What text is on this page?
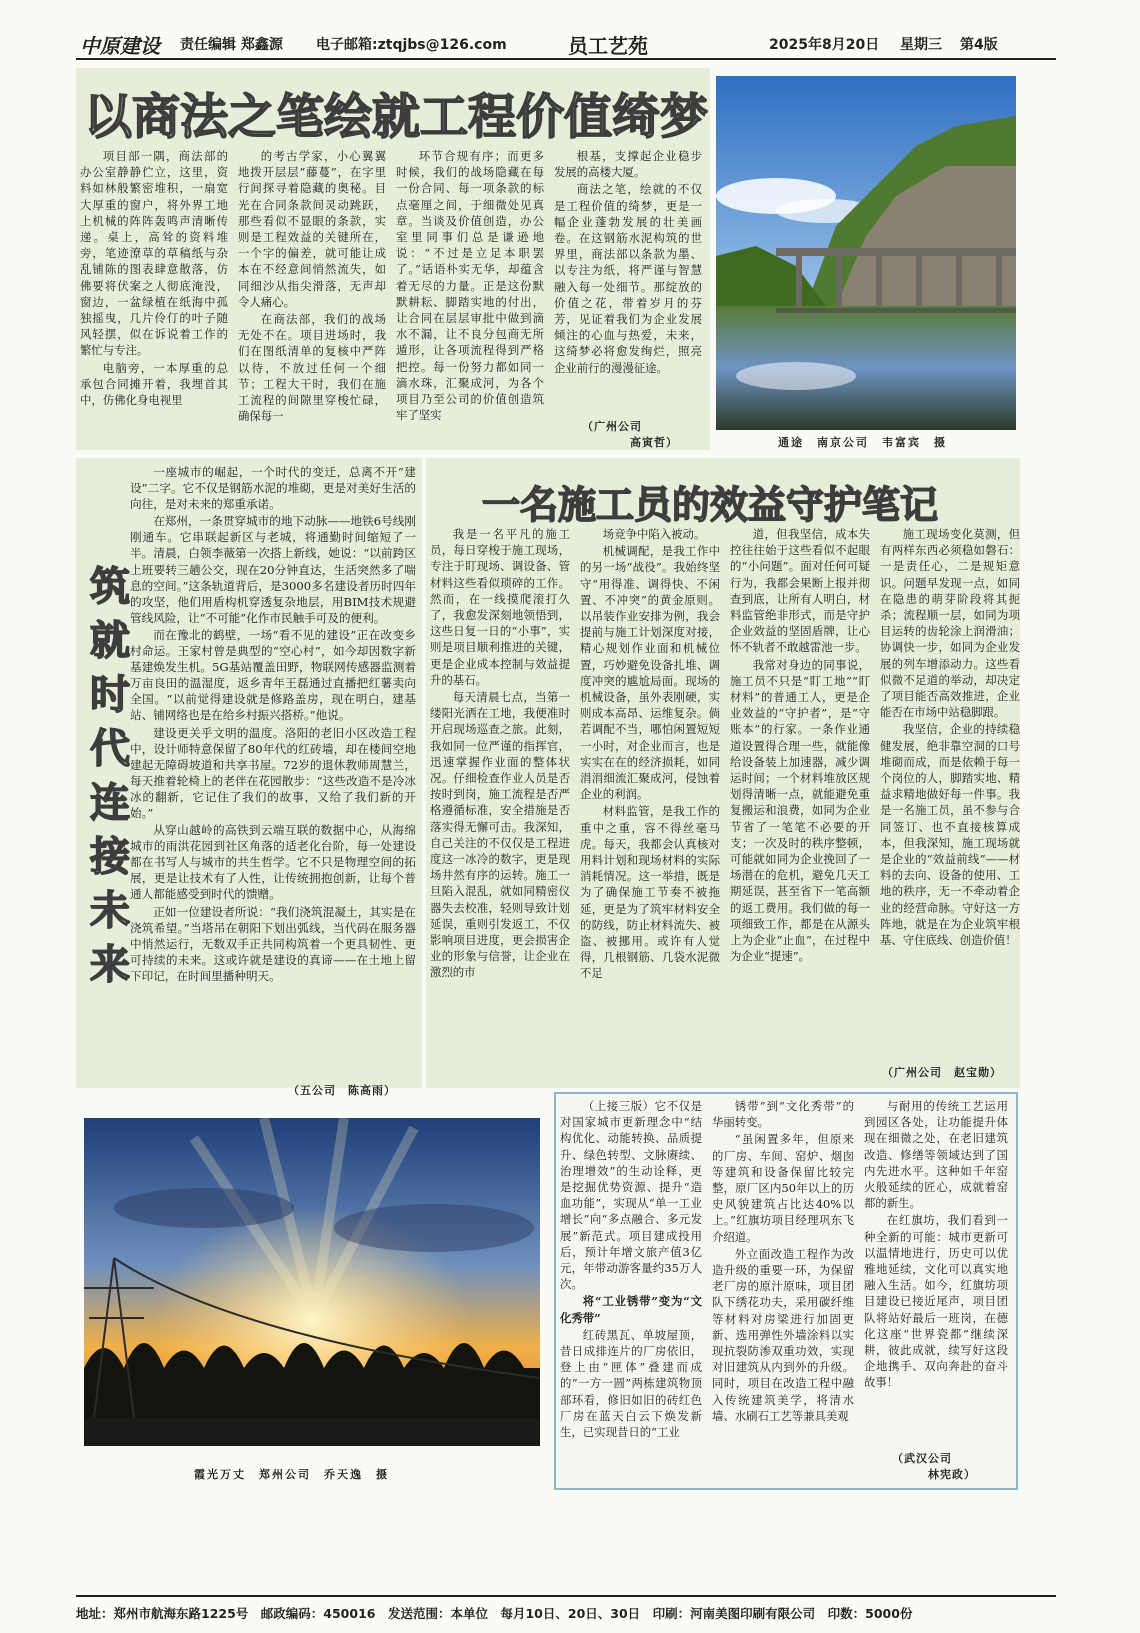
中原建设 责任编辑 郑鑫源 电子邮箱:ztqjbs@126.com	员工艺苑	2025年8月20日 星期三 第4版
以商法之笔绘就工程价值绮梦

项目部一隅，商法部的办公室静静伫立，这里，资料如林般繁密堆积，一扇宽大厚重的窗户，将外界工地上机械的阵阵轰鸣声清晰传递。桌上，高耸的资料堆旁，笔迹潦草的草稿纸与杂乱铺陈的图表肆意散落，仿佛要将伏案之人彻底淹没，窗边，一盆绿植在纸海中孤独摇曳，几片伶仃的叶子随风轻摆，似在诉说着工作的繁忙与专注。

电脑旁，一本厚重的总承包合同摊开着，我埋首其中，仿佛化身电视里

的考古学家，小心翼翼地拨开层层“藤蔓”，在字里行间探寻着隐藏的奥秘。目光在合同条款间灵动跳跃，那些看似不显眼的条款，实则是工程效益的关键所在，一个字的偏差，就可能让成本在不经意间悄然流失，如同细沙从指尖滑落，无声却令人痛心。

在商法部，我们的战场无处不在。项目进场时，我们在图纸清单的复核中严阵以待，不放过任何一个细节；工程大干时，我们在施工流程的间隙里穿梭忙碌，确保每一

环节合规有序；而更多时候，我们的战场隐藏在每一份合同、每一项条款的标点毫厘之间，于细微处见真章。当谈及价值创造，办公室里同事们总是谦逊地说：“不过是立足本职罢了。”话语朴实无华，却蕴含着无尽的力量。正是这份默默耕耘、脚踏实地的付出，让合同在层层审批中做到滴水不漏，让不良分包商无所遁形，让各项流程得到严格把控。每一份努力都如同一滴水珠，汇聚成河，为各个项目乃至公司的价值创造筑牢了坚实

根基，支撑起企业稳步发展的高楼大厦。

商法之笔，绘就的不仅是工程价值的绮梦，更是一幅企业蓬勃发展的壮美画卷。在这钢筋水泥构筑的世界里，商法部以条款为墨、以专注为纸，将严谨与智慧融入每一处细节。那绽放的价值之花，带着岁月的芬芳，见证着我们为企业发展倾注的心血与热爱，未来，这绮梦必将愈发绚烂，照亮企业前行的漫漫征途。

（广州公司
高寅哲）	通途　南京公司　韦富宾　摄
筑就时代连接未来

一座城市的崛起，一个时代的变迁，总离不开“建设”二字。它不仅是钢筋水泥的堆砌，更是对美好生活的向往，是对未来的郑重承诺。

在郑州，一条贯穿城市的地下动脉——地铁6号线刚刚通车。它串联起新区与老城，将通勤时间缩短了一半。清晨，白领李薇第一次搭上新线，她说：“以前跨区上班要转三趟公交，现在20分钟直达，生活突然多了喘息的空间。”这条轨道背后，是3000多名建设者历时四年的攻坚，他们用盾构机穿透复杂地层，用BIM技术规避管线风险，让“不可能”化作市民触手可及的便利。

而在豫北的鹤壁，一场“看不见的建设”正在改变乡村命运。王家村曾是典型的“空心村”，如今却因数字新基建焕发生机。5G基站覆盖田野，物联网传感器监测着万亩良田的温湿度，返乡青年王磊通过直播把红薯卖向全国。“以前觉得建设就是修路盖房，现在明白，建基站、铺网络也是在给乡村振兴搭桥。”他说。

建设更关乎文明的温度。洛阳的老旧小区改造工程中，设计师特意保留了80年代的红砖墙，却在楼间空地建起无障碍坡道和共享书屋。72岁的退休教师周慧兰，每天推着轮椅上的老伴在花园散步：“这些改造不是冷冰冰的翻新，它记住了我们的故事，又给了我们新的开始。”

从穿山越岭的高铁到云端互联的数据中心，从海绵城市的雨洪花园到社区角落的适老化台阶，每一处建设都在书写人与城市的共生哲学。它不只是物理空间的拓展，更是让技术有了人性，让传统拥抱创新，让每个普通人都能感受到时代的馈赠。

正如一位建设者所说：“我们浇筑混凝土，其实是在浇筑希望。”当塔吊在朝阳下划出弧线，当代码在服务器中悄然运行，无数双手正共同构筑着一个更具韧性、更可持续的未来。这或许就是建设的真谛——在土地上留下印记，在时间里播种明天。

（五公司　陈高雨）
一名施工员的效益守护笔记

我是一名平凡的施工员，每日穿梭于施工现场，专注于盯现场、调设备、管材料这些看似琐碎的工作。然而，在一线摸爬滚打久了，我愈发深刻地领悟到，这些日复一日的“小事”，实则是项目顺利推进的关键，更是企业成本控制与效益提升的基石。

每天清晨七点，当第一缕阳光洒在工地，我便准时开启现场巡查之旅。此刻，我如同一位严谨的指挥官，迅速掌握作业面的整体状况。仔细检查作业人员是否按时到岗，施工流程是否严格遵循标准，安全措施是否落实得无懈可击。我深知，自己关注的不仅仅是工程进度这一冰冷的数字，更是现场井然有序的运转。施工一旦陷入混乱，就如同精密仪器失去校准，轻则导致计划延误，重则引发返工，不仅影响项目进度，更会损害企业的形象与信誉，让企业在激烈的市

场竞争中陷入被动。

机械调配，是我工作中的另一场“战役”。我始终坚守“用得准、调得快、不闲置、不冲突”的黄金原则。以吊装作业安排为例，我会提前与施工计划深度对接，精心规划作业面和机械位置，巧妙避免设备扎堆、调度冲突的尴尬局面。现场的机械设备，虽外表刚硬，实则成本高昂、运维复杂。倘若调配不当，哪怕闲置短短一小时，对企业而言，也是实实在在的经济损耗，如同涓涓细流汇聚成河，侵蚀着企业的利润。

材料监管，是我工作的重中之重，容不得丝毫马虎。每天，我都会认真核对用料计划和现场材料的实际消耗情况。这一举措，既是为了确保施工节奏不被拖延，更是为了筑牢材料安全的防线，防止材料流失、被盗、被挪用。或许有人觉得，几根钢筋、几袋水泥微不足

道，但我坚信，成本失控往往始于这些看似不起眼的“小问题”。面对任何可疑行为，我都会果断上报并彻查到底，让所有人明白，材料监管绝非形式，而是守护企业效益的坚固盾牌，让心怀不轨者不敢越雷池一步。

我常对身边的同事说，施工员不只是“盯工地”“盯材料”的普通工人，更是企业效益的“守护者”，是“守账本”的行家。一条作业通道设置得合理一些，就能像给设备装上加速器，减少调运时间；一个材料堆放区规划得清晰一点，就能避免重复搬运和浪费，如同为企业节省了一笔笔不必要的开支；一次及时的秩序整顿，可能就如同为企业挽回了一场潜在的危机，避免几天工期延误，甚至省下一笔高额的返工费用。我们做的每一项细致工作，都是在从源头上为企业“止血”，在过程中为企业“提速”。

施工现场变化莫测，但有两样东西必须稳如磐石：一是责任心，二是规矩意识。问题早发现一点，如同在隐患的萌芽阶段将其扼杀；流程顺一层，如同为项目运转的齿轮涂上润滑油；协调快一步，如同为企业发展的列车增添动力。这些看似微不足道的举动，却决定了项目能否高效推进，企业能否在市场中站稳脚跟。

我坚信，企业的持续稳健发展，绝非靠空洞的口号堆砌而成，而是依赖于每一个岗位的人，脚踏实地、精益求精地做好每一件事。我是一名施工员，虽不参与合同签订、也不直接核算成本，但我深知，施工现场就是企业的“效益前线”——材料的去向、设备的使用、工地的秩序，无一不牵动着企业的经营命脉。守好这一方阵地，就是在为企业筑牢根基、守住底线、创造价值！

（广州公司　赵宝勋）
霞光万丈　郑州公司　乔天逸　摄

（上接三版）它不仅是对国家城市更新理念中“结构优化、动能转换、品质提升、绿色转型、文脉赓续、治理增效”的生动诠释，更是挖掘优势资源、提升“造血功能”，实现从“单一工业增长”向“多点融合、多元发展”新范式。项目建成投用后，预计年增文旅产值3亿元，年带动游客量约35万人次。

将“工业锈带”变为“文化秀带”

红砖黑瓦、单坡屋顶，昔日成排连片的厂房依旧，登上由“匣体”叠建而成的“一方一圆”两栋建筑物顶部环看，修旧如旧的砖红色厂房在蓝天白云下焕发新生，已实现昔日的“工业

锈带”到“文化秀带”的华丽转变。

“虽闲置多年，但原来的厂房、车间、窑炉、烟囱等建筑和设备保留比较完整，原厂区内50年以上的历史风貌建筑占比达40%以上。”红旗坊项目经理巩东飞介绍道。

外立面改造工程作为改造升级的重要一环，为保留老厂房的原汁原味，项目团队下绣花功夫，采用碳纤维等材料对房梁进行加固更新、选用弹性外墙涂料以实现抗裂防渗双重功效，实现对旧建筑从内到外的升级。同时，项目在改造工程中融入传统建筑美学，将清水墙、水刷石工艺等兼具美观

与耐用的传统工艺运用到园区各处，让功能提升体现在细微之处，在老旧建筑改造、修缮等领域达到了国内先进水平。这种如千年窑火般延续的匠心，成就着窑都的新生。

在红旗坊，我们看到一种全新的可能：城市更新可以温情地进行，历史可以优雅地延续，文化可以真实地融入生活。如今，红旗坊项目建设已接近尾声，项目团队将站好最后一班岗，在德化这座“世界瓷都”继续深耕，彼此成就，续写好这段企地携手、双向奔赴的奋斗故事！

（武汉公司
林宪政）
地址：郑州市航海东路1225号　邮政编码：450016　发送范围：本单位　每月10日、20日、30日　印刷：河南美图印刷有限公司　印数：5000份
